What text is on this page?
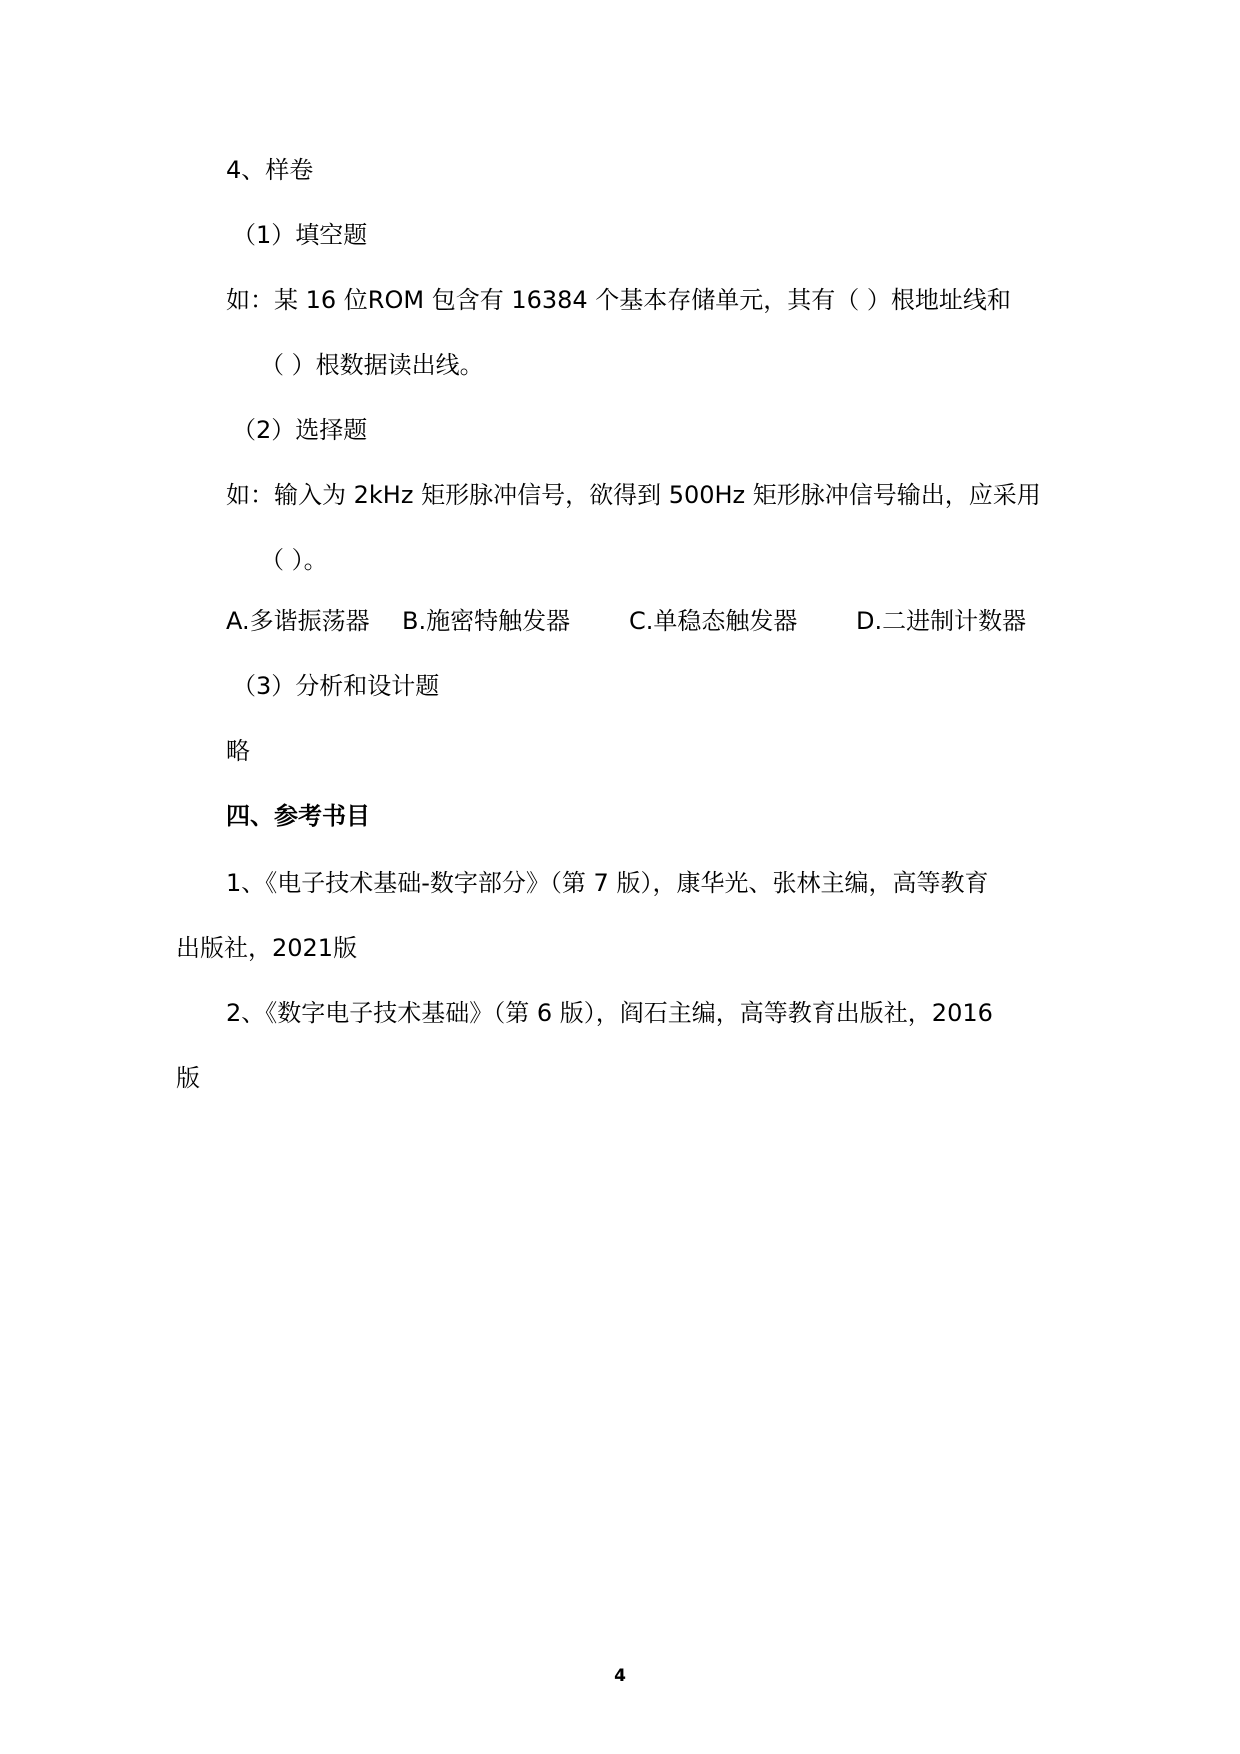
4、样卷

（1）填空题

如：某 16 位ROM 包含有 16384 个基本存储单元，其有（ ）根地址线和

（ ）根数据读出线。

（2）选择题

如：输入为 2kHz 矩形脉冲信号，欲得到 500Hz 矩形脉冲信号输出，应采用

（ ）。

A.多谐振荡器 B.施密特触发器 C.单稳态触发器 D.二进制计数器

（3）分析和设计题

略

四、参考书目

1、《电子技术基础-数字部分》（第 7 版），康华光、张林主编，高等教育

出版社，2021版

2、《数字电子技术基础》（第 6 版），阎石主编，高等教育出版社，2016

版

4
